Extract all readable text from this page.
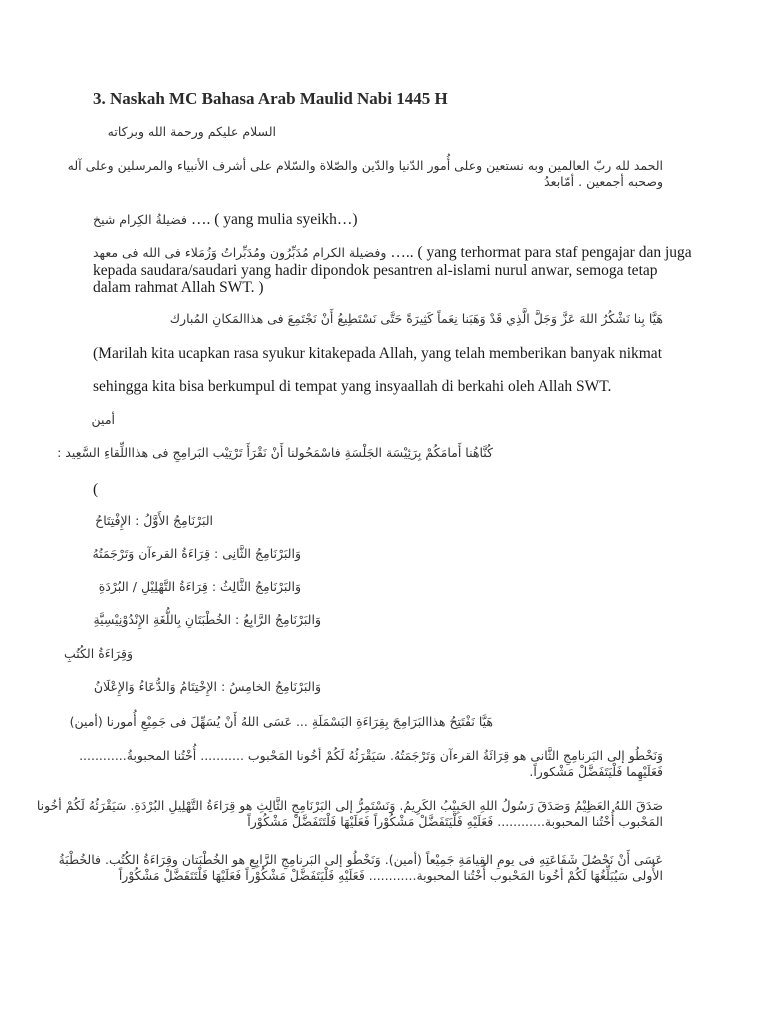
3. Naskah MC Bahasa Arab Maulid Nabi 1445 H
السلام عليكم ورحمة الله وبركاته
الحمد لله ربّ العالمين وبه نستعين وعلى أُمور الدّنيا والدّين والصّلاة والسّلام على أشرف الأنبياء والمرسلين وعلى آله
وصحبه أجمعين . أمّابعدُ
فضيلةُ الكِرام شيخ …. ( yang mulia syeikh…)
وفضيلة الكرام مُدَبِّرُون ومُدَبِّراتُ وَزُمَلاء فى الله فى معهد ….. ( yang terhormat para staf pengajar dan juga
kepada saudara/saudari yang hadir dipondok pesantren al-islami nurul anwar, semoga tetap
dalam rahmat Allah SWT. )
هَيَّا بِنا نَشْكُرُ اللهَ عَزَّ وَجَلَّ الَّذِي قَدْ وَهَبَنا نِعَماً كَثِيرَةً حَتَّى نَسْتَطِيعُ أَنْ نَجْتَمِعَ فى هذاالمَكانِ المُبارك
(Marilah kita ucapkan rasa syukur kitakepada Allah, yang telah memberikan banyak nikmat
sehingga kita bisa berkumpul di tempat yang insyaallah di berkahi oleh Allah SWT.
أمين
كُنَّاهُنا أَمامَكُمْ بِرَئِيْسَة الجَلْسَةِ فاسْمَحُولنا أَنْ نَقْرَأَ تَرْتِيْب البَرامِجِ فى هذااللِّقاءِ السَّعِيد :
(
البَرْنَامِجُ الأَوَّلُ : الإِفْتِتَاحُ
وَالبَرْنَامِجُ الثَّانِى : قِرَاءَةُ القرءآن وَتَرْجَمَتُهُ
وَالبَرْنَامِجُ الثَّالِثُ : قِرَاءَةُ التَّهْلِيْلِ / البُرْدَةِ
وَالبَرْنَامِجُ الرَّابِعُ : الخُطْبَتَانِ بِاللُّغَةِ الإِنْدُوْنِيْسِيَّةِ
وَقِرَاءَةُ الكُتُبِ
وَالبَرْنَامِجُ الخامِسُ : الإِخْتِتَامُ وَالدُّعَاءُ وَالإِعْلَانُ
هَيَّا نَفْتَتِحُ هذاالبَرَامِجَ بِقِرَاءَةِ البَسْمَلَةِ ... عَسَى اللهُ أَنْ يُسَهِّلَ فى جَمِيْعِ أُمورنا (أمين)
وَنَخْطُو إلى البَرنامِجِ الثَّانى هو قِرَائَةُ القرءآن وَتَرْجَمَتُهُ. سَيَقْرَئُهُ لَكُمْ أخُونا المَحْبوب ........... أُخْتُنا المحبوبةُ............
فَعَلَيْهِما فَلْيَتَفَضَّلْ مَشْكوراً.
صَدَقَ اللهُ العَظِيْمُ وَصَدَقَ رَسُولُ اللهِ الحَبِيْبُ الكَرِيمُ. وَنَسْتَمِرُّ إلى البَرْنَامِجِ الثَّالِثِ هو قِرَاءَةُ التَّهْلِيلِ البُرْدَةِ. سَيَقْرَئُهُ لَكُمْ أخُونا
المَحْبوب أُخْتُنا المحبوبة............ فَعَلَيْهِ فَلْيَتَفَضَّلْ مَشْكُوْراً فَعَلَيْهَا فَلْتَتَفَضَّلْ مَشْكُوْراً
عَسَى أَنْ نَحْصُلَ شَفَاعَتِهِ فى يومِ القِيامَةِ جَمِيْعاً (أمين). وَنَخْطُو إلى البَرنامِجِ الرَّابِعِ هو الخُطْبَتان وقِرَاءَةُ الكُتُب. فالخُطْبَةُ
الأُولى سَيُبَلِّغُهَا لَكُمْ أخُونا المَحْبوب أُخْتُنا المحبوبة............ فَعَلَيْهِ فَلْيَتَفَضَّلْ مَشْكُوْراً فَعَلَيْهَا فَلْتَتَفَضَّلْ مَشْكُوْراً
